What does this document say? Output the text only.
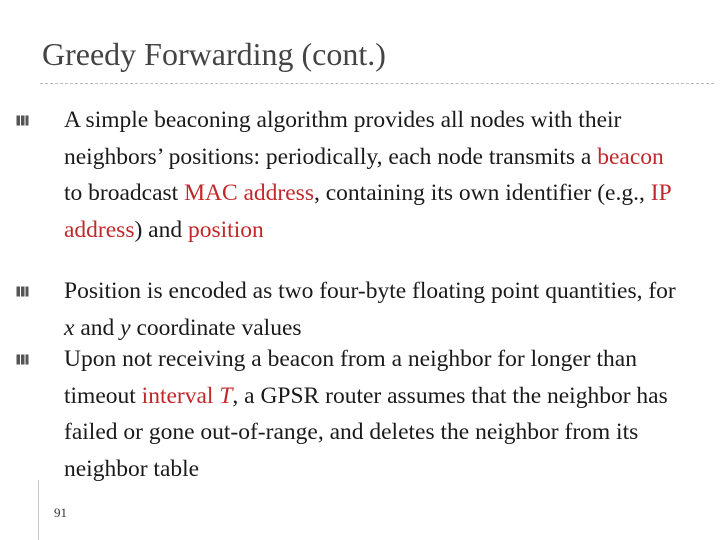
Greedy Forwarding (cont.)

A simple beaconing algorithm provides all nodes with their neighbors’ positions: periodically, each node transmits a beacon to broadcast MAC address, containing its own identifier (e.g., IP address) and position

Position is encoded as two four-byte floating point quantities, for x and y coordinate values

Upon not receiving a beacon from a neighbor for longer than timeout interval T, a GPSR router assumes that the neighbor has failed or gone out-of-range, and deletes the neighbor from its neighbor table

91
